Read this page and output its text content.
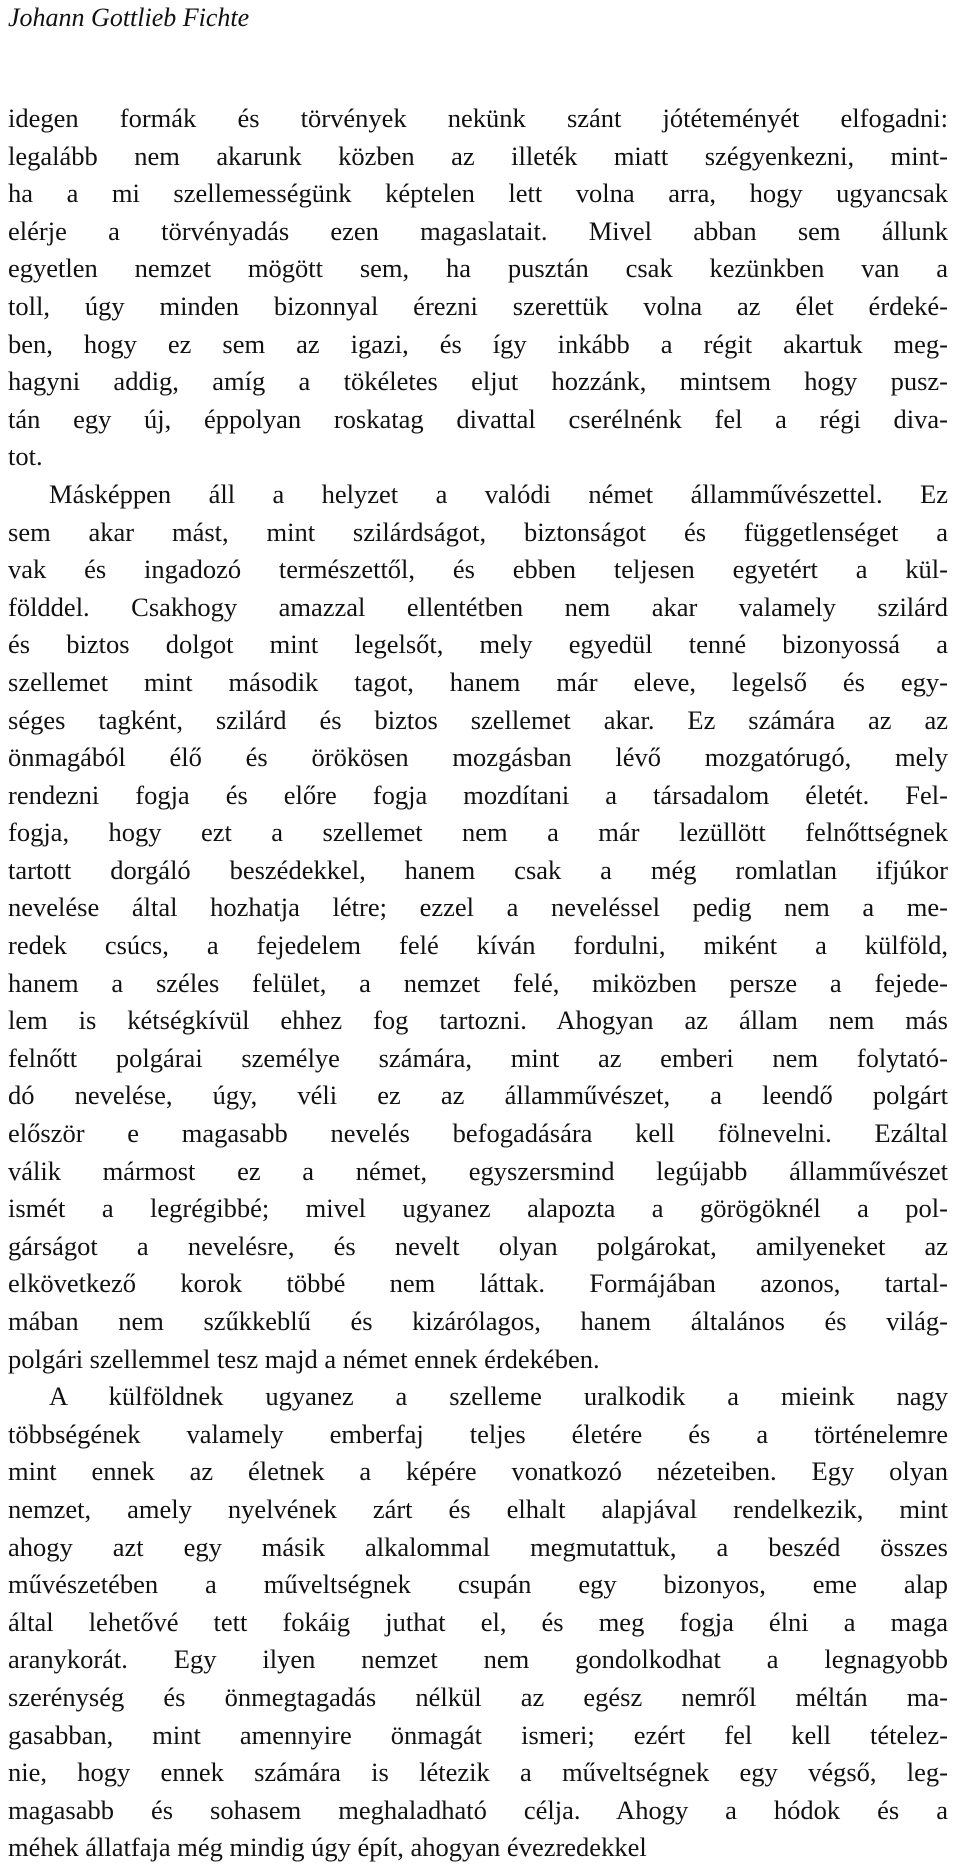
Johann Gottlieb Fichte
idegen formák és törvények nekünk szánt jótéteményét elfogadni:
legalább nem akarunk közben az illeték miatt szégyenkezni, mint-
ha a mi szellemességünk képtelen lett volna arra, hogy ugyancsak
elérje a törvényadás ezen magaslatait. Mivel abban sem állunk
egyetlen nemzet mögött sem, ha pusztán csak kezünkben van a
toll, úgy minden bizonnyal érezni szerettük volna az élet érdeké-
ben, hogy ez sem az igazi, és így inkább a régit akartuk meg-
hagyni addig, amíg a tökéletes eljut hozzánk, mintsem hogy pusz-
tán egy új, éppolyan roskatag divattal cserélnénk fel a régi diva-
tot.
Másképpen áll a helyzet a valódi német államművészettel. Ez
sem akar mást, mint szilárdságot, biztonságot és függetlenséget a
vak és ingadozó természettől, és ebben teljesen egyetért a kül-
földdel. Csakhogy amazzal ellentétben nem akar valamely szilárd
és biztos dolgot mint legelsőt, mely egyedül tenné bizonyossá a
szellemet mint második tagot, hanem már eleve, legelső és egy-
séges tagként, szilárd és biztos szellemet akar. Ez számára az az
önmagából élő és örökösen mozgásban lévő mozgatórugó, mely
rendezni fogja és előre fogja mozdítani a társadalom életét. Fel-
fogja, hogy ezt a szellemet nem a már lezüllött felnőttségnek
tartott dorgáló beszédekkel, hanem csak a még romlatlan ifjúkor
nevelése által hozhatja létre; ezzel a neveléssel pedig nem a me-
redek csúcs, a fejedelem felé kíván fordulni, miként a külföld,
hanem a széles felület, a nemzet felé, miközben persze a fejede-
lem is kétségkívül ehhez fog tartozni. Ahogyan az állam nem más
felnőtt polgárai személye számára, mint az emberi nem folytató-
dó nevelése, úgy, véli ez az államművészet, a leendő polgárt
először e magasabb nevelés befogadására kell fölnevelni. Ezáltal
válik mármost ez a német, egyszersmind legújabb államművészet
ismét a legrégibbé; mivel ugyanez alapozta a görögöknél a pol-
gárságot a nevelésre, és nevelt olyan polgárokat, amilyeneket az
elkövetkező korok többé nem láttak. Formájában azonos, tartal-
mában nem szűkkeblű és kizárólagos, hanem általános és világ-
polgári szellemmel tesz majd a német ennek érdekében.
A külföldnek ugyanez a szelleme uralkodik a mieink nagy
többségének valamely emberfaj teljes életére és a történelemre
mint ennek az életnek a képére vonatkozó nézeteiben. Egy olyan
nemzet, amely nyelvének zárt és elhalt alapjával rendelkezik, mint
ahogy azt egy másik alkalommal megmutattuk, a beszéd összes
művészetében a műveltségnek csupán egy bizonyos, eme alap
által lehetővé tett fokáig juthat el, és meg fogja élni a maga
aranykorát. Egy ilyen nemzet nem gondolkodhat a legnagyobb
szerénység és önmegtagadás nélkül az egész nemről méltán ma-
gasabban, mint amennyire önmagát ismeri; ezért fel kell tételez-
nie, hogy ennek számára is létezik a műveltségnek egy végső, leg-
magasabb és sohasem meghaladható célja. Ahogy a hódok és a
méhek állatfaja még mindig úgy épít, ahogyan évezredekkel
